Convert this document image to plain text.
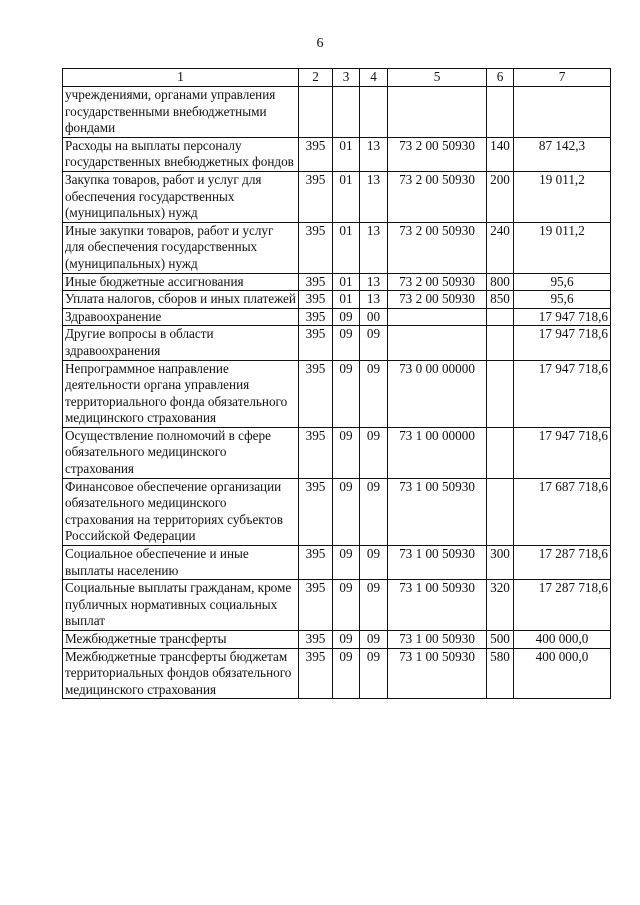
6
1	2	3	4	5	6	7
учреждениями, органами управления государственными внебюджетными фондами						
Расходы на выплаты персоналу государственных внебюджетных фондов	395	01	13	73 2 00 50930	140	87 142,3
Закупка товаров, работ и услуг для обеспечения государственных (муниципальных) нужд	395	01	13	73 2 00 50930	200	19 011,2
Иные закупки товаров, работ и услуг для обеспечения государственных (муниципальных) нужд	395	01	13	73 2 00 50930	240	19 011,2
Иные бюджетные ассигнования	395	01	13	73 2 00 50930	800	95,6
Уплата налогов, сборов и иных платежей	395	01	13	73 2 00 50930	850	95,6
Здравоохранение	395	09	00			17 947 718,6
Другие вопросы в области здравоохранения	395	09	09			17 947 718,6
Непрограммное направление деятельности органа управления территориального фонда обязательного медицинского страхования	395	09	09	73 0 00 00000		17 947 718,6
Осуществление полномочий в сфере обязательного медицинского страхования	395	09	09	73 1 00 00000		17 947 718,6
Финансовое обеспечение организации обязательного медицинского страхования на территориях субъектов Российской Федерации	395	09	09	73 1 00 50930		17 687 718,6
Социальное обеспечение и иные выплаты населению	395	09	09	73 1 00 50930	300	17 287 718,6
Социальные выплаты гражданам, кроме публичных нормативных социальных выплат	395	09	09	73 1 00 50930	320	17 287 718,6
Межбюджетные трансферты	395	09	09	73 1 00 50930	500	400 000,0
Межбюджетные трансферты бюджетам территориальных фондов обязательного медицинского страхования	395	09	09	73 1 00 50930	580	400 000,0
